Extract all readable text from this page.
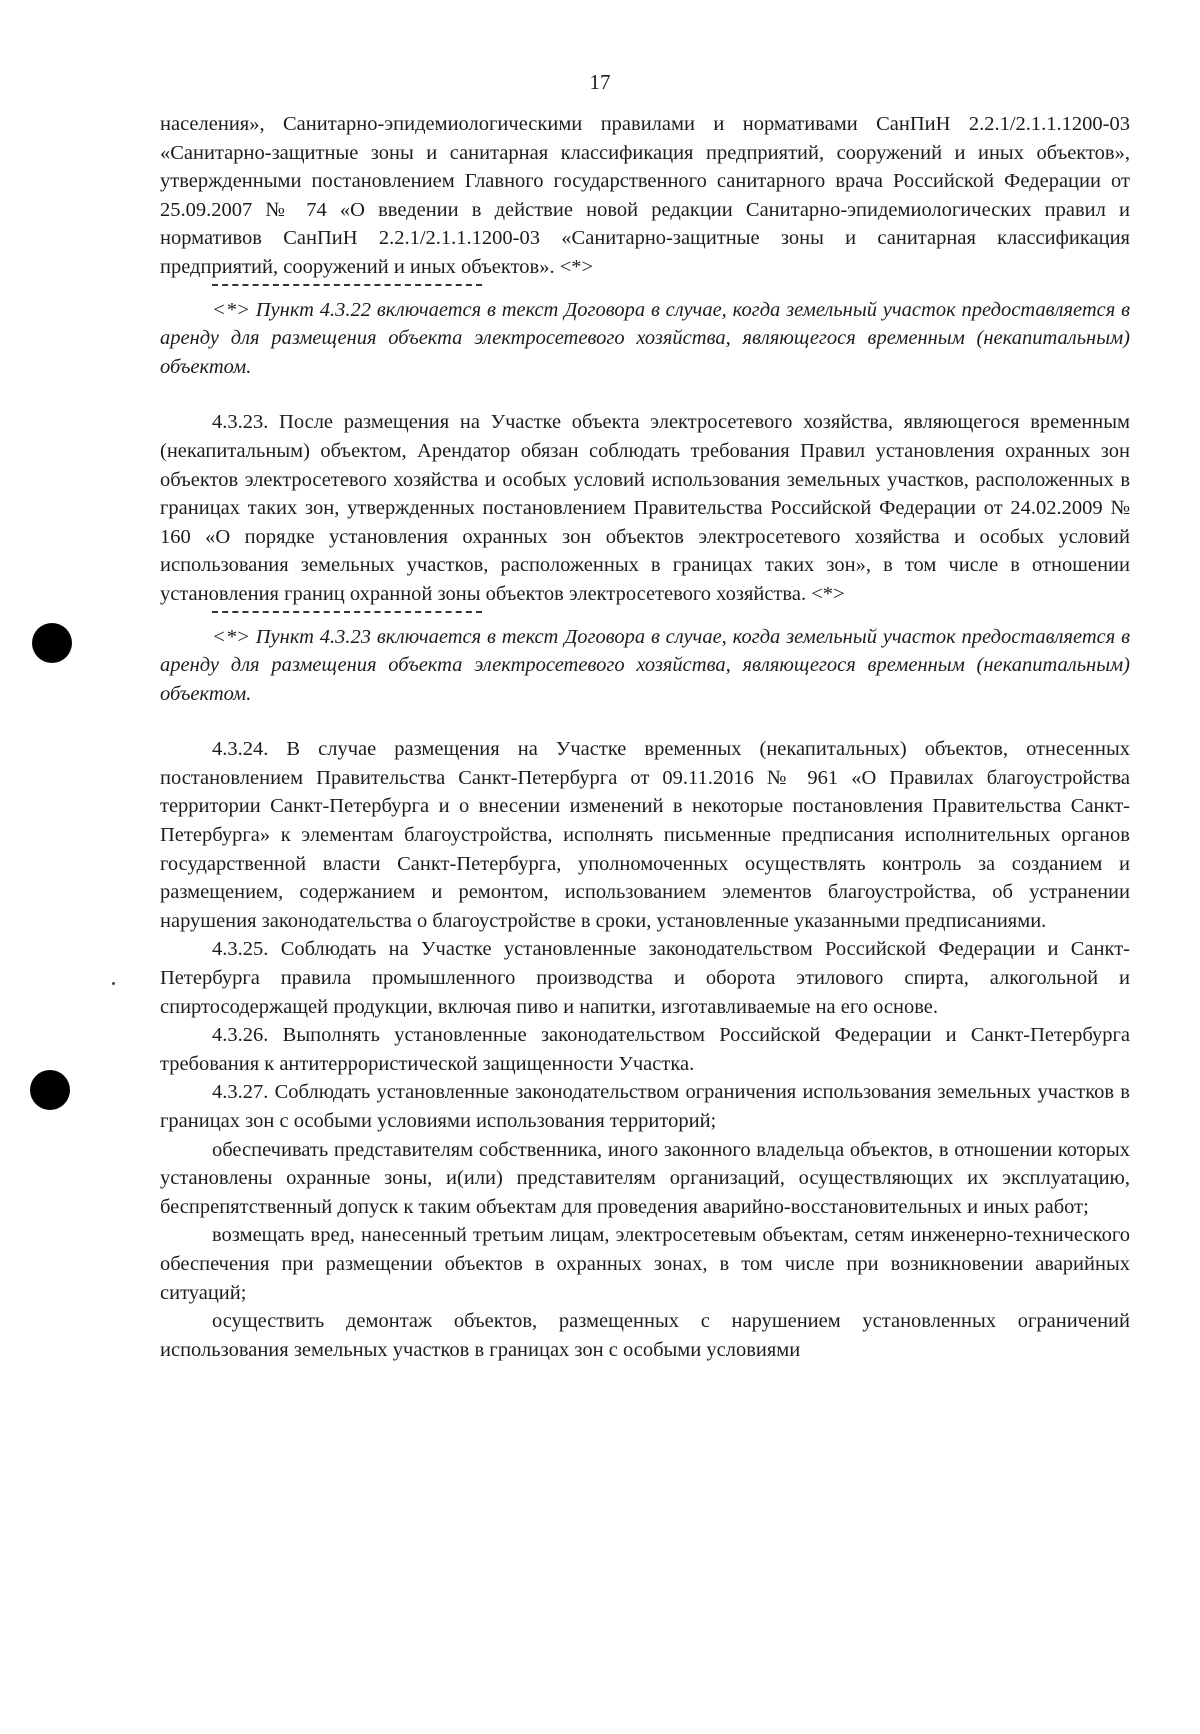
17

населения», Санитарно-эпидемиологическими правилами и нормативами СанПиН 2.2.1/2.1.1.1200-03 «Санитарно-защитные зоны и санитарная классификация предприятий, сооружений и иных объектов», утвержденными постановлением Главного государственного санитарного врача Российской Федерации от 25.09.2007 № 74 «О введении в действие новой редакции Санитарно-эпидемиологических правил и нормативов СанПиН 2.2.1/2.1.1.1200-03 «Санитарно-защитные зоны и санитарная классификация предприятий, сооружений и иных объектов». <*>

<*> Пункт 4.3.22 включается в текст Договора в случае, когда земельный участок предоставляется в аренду для размещения объекта электросетевого хозяйства, являющегося временным (некапитальным) объектом.

4.3.23. После размещения на Участке объекта электросетевого хозяйства, являющегося временным (некапитальным) объектом, Арендатор обязан соблюдать требования Правил установления охранных зон объектов электросетевого хозяйства и особых условий использования земельных участков, расположенных в границах таких зон, утвержденных постановлением Правительства Российской Федерации от 24.02.2009 № 160 «О порядке установления охранных зон объектов электросетевого хозяйства и особых условий использования земельных участков, расположенных в границах таких зон», в том числе в отношении установления границ охранной зоны объектов электросетевого хозяйства. <*>

<*> Пункт 4.3.23 включается в текст Договора в случае, когда земельный участок предоставляется в аренду для размещения объекта электросетевого хозяйства, являющегося временным (некапитальным) объектом.

4.3.24. В случае размещения на Участке временных (некапитальных) объектов, отнесенных постановлением Правительства Санкт-Петербурга от 09.11.2016 № 961 «О Правилах благоустройства территории Санкт-Петербурга и о внесении изменений в некоторые постановления Правительства Санкт-Петербурга» к элементам благоустройства, исполнять письменные предписания исполнительных органов государственной власти Санкт-Петербурга, уполномоченных осуществлять контроль за созданием и размещением, содержанием и ремонтом, использованием элементов благоустройства, об устранении нарушения законодательства о благоустройстве в сроки, установленные указанными предписаниями.

4.3.25. Соблюдать на Участке установленные законодательством Российской Федерации и Санкт-Петербурга правила промышленного производства и оборота этилового спирта, алкогольной и спиртосодержащей продукции, включая пиво и напитки, изготавливаемые на его основе.

4.3.26. Выполнять установленные законодательством Российской Федерации и Санкт-Петербурга требования к антитеррористической защищенности Участка.

4.3.27. Соблюдать установленные законодательством ограничения использования земельных участков в границах зон с особыми условиями использования территорий;

обеспечивать представителям собственника, иного законного владельца объектов, в отношении которых установлены охранные зоны, и(или) представителям организаций, осуществляющих их эксплуатацию, беспрепятственный допуск к таким объектам для проведения аварийно-восстановительных и иных работ;

возмещать вред, нанесенный третьим лицам, электросетевым объектам, сетям инженерно-технического обеспечения при размещении объектов в охранных зонах, в том числе при возникновении аварийных ситуаций;

осуществить демонтаж объектов, размещенных с нарушением установленных ограничений использования земельных участков в границах зон с особыми условиями
